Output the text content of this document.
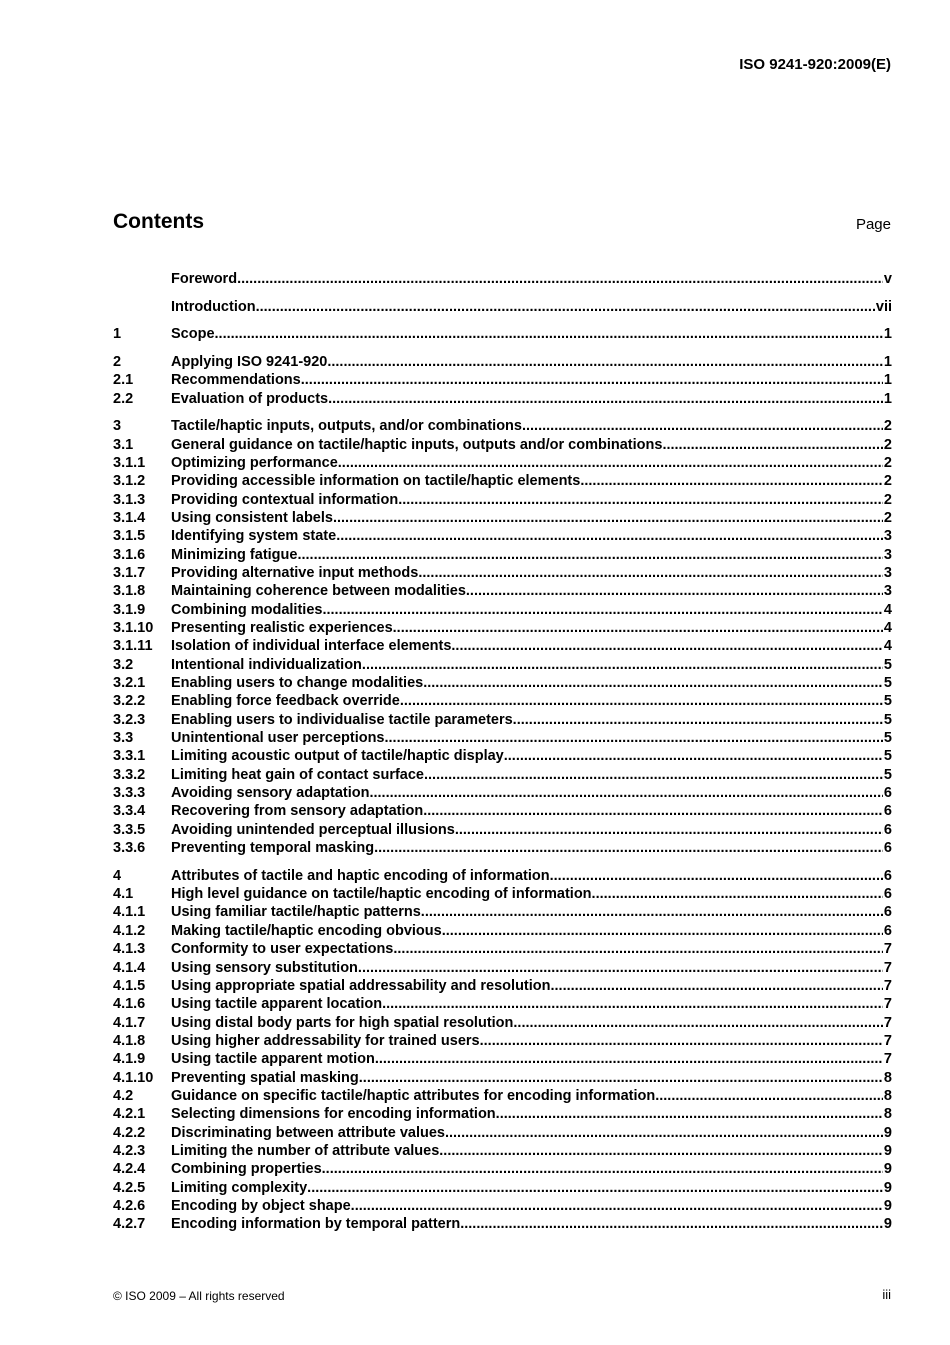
ISO 9241-920:2009(E)
Contents	Page
Foreword .....	v
Introduction .....	vii
1	Scope .....	1
2	Applying ISO 9241-920 .....	1
2.1	Recommendations .....	1
2.2	Evaluation of products .....	1
3	Tactile/haptic inputs, outputs, and/or combinations .....	2
3.1	General guidance on tactile/haptic inputs, outputs and/or combinations .....	2
3.1.1	Optimizing performance .....	2
3.1.2	Providing accessible information on tactile/haptic elements .....	2
3.1.3	Providing contextual information .....	2
3.1.4	Using consistent labels .....	2
3.1.5	Identifying system state .....	3
3.1.6	Minimizing fatigue .....	3
3.1.7	Providing alternative input methods .....	3
3.1.8	Maintaining coherence between modalities .....	3
3.1.9	Combining modalities .....	4
3.1.10	Presenting realistic experiences .....	4
3.1.11	Isolation of individual interface elements .....	4
3.2	Intentional individualization .....	5
3.2.1	Enabling users to change modalities .....	5
3.2.2	Enabling force feedback override .....	5
3.2.3	Enabling users to individualise tactile parameters .....	5
3.3	Unintentional user perceptions .....	5
3.3.1	Limiting acoustic output of tactile/haptic display .....	5
3.3.2	Limiting heat gain of contact surface .....	5
3.3.3	Avoiding sensory adaptation .....	6
3.3.4	Recovering from sensory adaptation .....	6
3.3.5	Avoiding unintended perceptual illusions .....	6
3.3.6	Preventing temporal masking .....	6
4	Attributes of tactile and haptic encoding of information .....	6
4.1	High level guidance on tactile/haptic encoding of information .....	6
4.1.1	Using familiar tactile/haptic patterns .....	6
4.1.2	Making tactile/haptic encoding obvious .....	6
4.1.3	Conformity to user expectations .....	7
4.1.4	Using sensory substitution .....	7
4.1.5	Using appropriate spatial addressability and resolution .....	7
4.1.6	Using tactile apparent location .....	7
4.1.7	Using distal body parts for high spatial resolution .....	7
4.1.8	Using higher addressability for trained users .....	7
4.1.9	Using tactile apparent motion .....	7
4.1.10	Preventing spatial masking .....	8
4.2	Guidance on specific tactile/haptic attributes for encoding information .....	8
4.2.1	Selecting dimensions for encoding information .....	8
4.2.2	Discriminating between attribute values .....	9
4.2.3	Limiting the number of attribute values .....	9
4.2.4	Combining properties .....	9
4.2.5	Limiting complexity .....	9
4.2.6	Encoding by object shape .....	9
4.2.7	Encoding information by temporal pattern .....	9
© ISO 2009 – All rights reserved	iii
